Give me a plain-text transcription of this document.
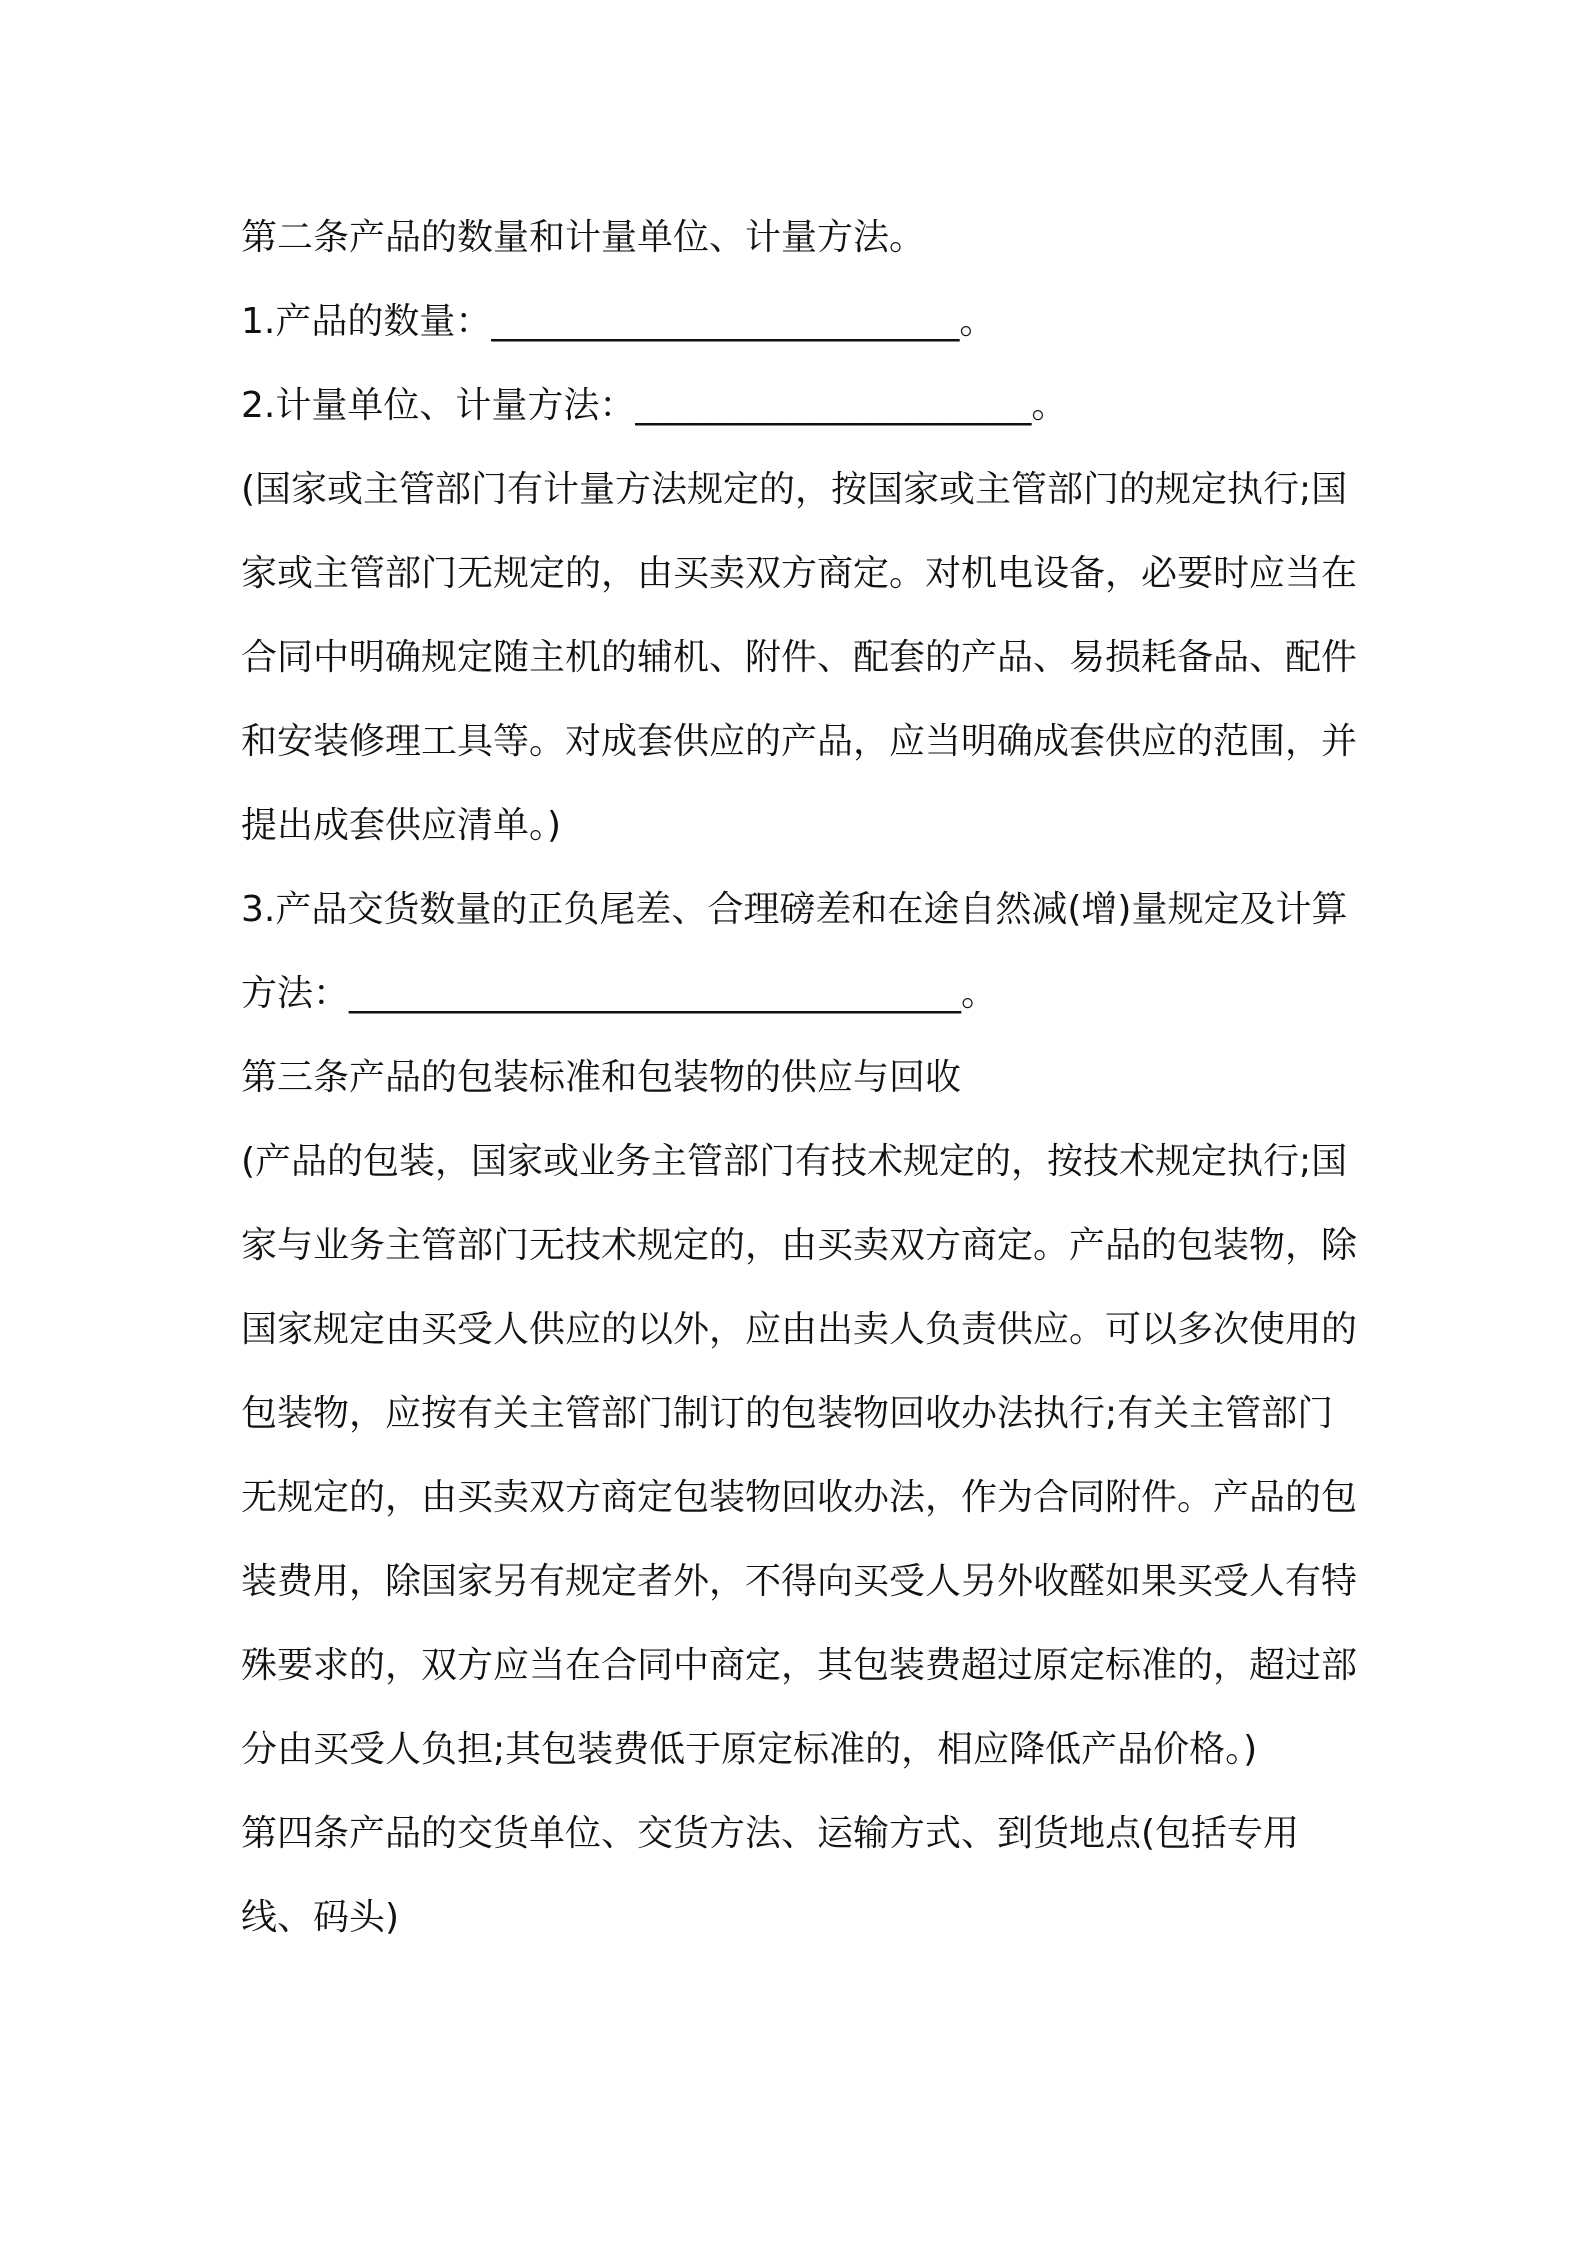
第二条产品的数量和计量单位、计量方法。

1.产品的数量：__________________________。

2.计量单位、计量方法：______________________。

(国家或主管部门有计量方法规定的，按国家或主管部门的规定执行;国家或主管部门无规定的，由买卖双方商定。对机电设备，必要时应当在合同中明确规定随主机的辅机、附件、配套的产品、易损耗备品、配件和安装修理工具等。对成套供应的产品，应当明确成套供应的范围，并提出成套供应清单。)

3.产品交货数量的正负尾差、合理磅差和在途自然减(增)量规定及计算方法：__________________________________。

第三条产品的包装标准和包装物的供应与回收

(产品的包装，国家或业务主管部门有技术规定的，按技术规定执行;国家与业务主管部门无技术规定的，由买卖双方商定。产品的包装物，除国家规定由买受人供应的以外，应由出卖人负责供应。可以多次使用的包装物，应按有关主管部门制订的包装物回收办法执行;有关主管部门无规定的，由买卖双方商定包装物回收办法，作为合同附件。产品的包装费用，除国家另有规定者外，不得向买受人另外收醛如果买受人有特殊要求的，双方应当在合同中商定，其包装费超过原定标准的，超过部分由买受人负担;其包装费低于原定标准的，相应降低产品价格。)

第四条产品的交货单位、交货方法、运输方式、到货地点(包括专用线、码头)
